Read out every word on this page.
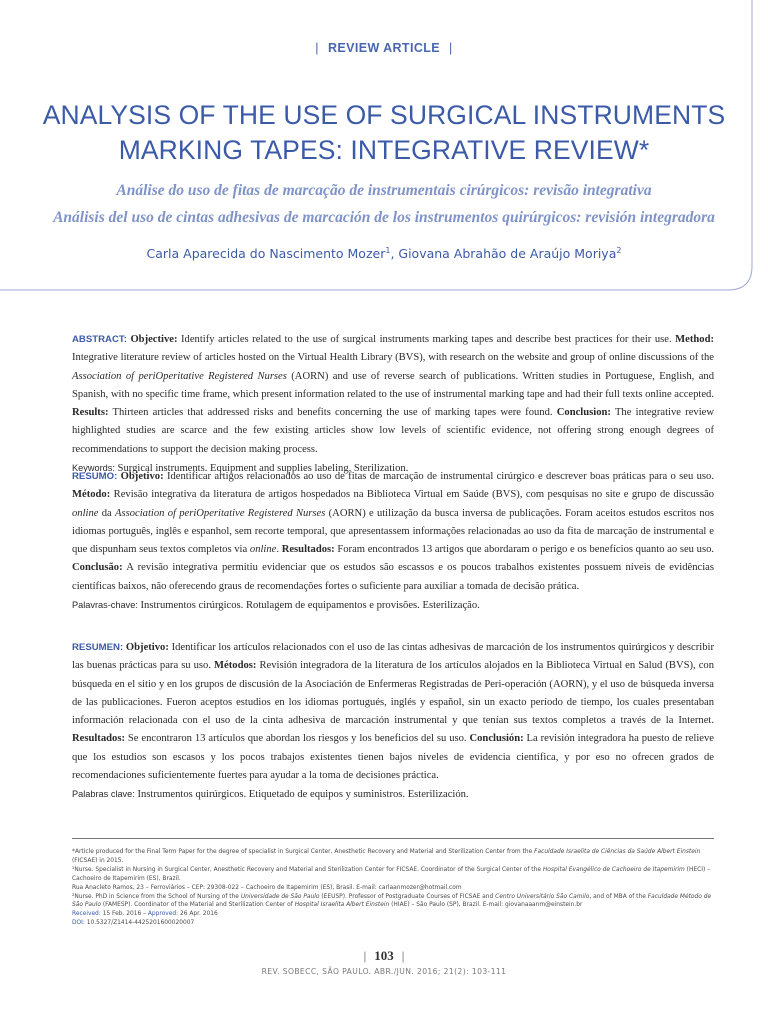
| REVIEW ARTICLE |
ANALYSIS OF THE USE OF SURGICAL INSTRUMENTS
MARKING TAPES: INTEGRATIVE REVIEW*
Análise do uso de fitas de marcação de instrumentais cirúrgicos: revisão integrativa
Análisis del uso de cintas adhesivas de marcación de los instrumentos quirúrgicos: revisión integradora
Carla Aparecida do Nascimento Mozer$^1$, Giovana Abrahão de Araújo Moriya$^2$
ABSTRACT: Objective: Identify articles related to the use of surgical instruments marking tapes and describe best practices for their use. Method: Integrative literature review of articles hosted on the Virtual Health Library (BVS), with research on the website and group of online discussions of the Association of periOperitative Registered Nurses (AORN) and use of reverse search of publications. Written studies in Portuguese, English, and Spanish, with no specific time frame, which present information related to the use of instrumental marking tape and had their full texts online accepted. Results: Thirteen articles that addressed risks and benefits concerning the use of marking tapes were found. Conclusion: The integrative review highlighted studies are scarce and the few existing articles show low levels of scientific evidence, not offering strong enough degrees of recommendations to support the decision making process.
Keywords: Surgical instruments. Equipment and supplies labeling. Sterilization.
RESUMO: Objetivo: Identificar artigos relacionados ao uso de fitas de marcação de instrumental cirúrgico e descrever boas práticas para o seu uso. Método: Revisão integrativa da literatura de artigos hospedados na Biblioteca Virtual em Saúde (BVS), com pesquisas no site e grupo de discussão online da Association of periOperitative Registered Nurses (AORN) e utilização da busca inversa de publicações. Foram aceitos estudos escritos nos idiomas português, inglês e espanhol, sem recorte temporal, que apresentassem informações relacionadas ao uso da fita de marcação de instrumental e que dispunham seus textos completos via online. Resultados: Foram encontrados 13 artigos que abordaram o perigo e os benefícios quanto ao seu uso. Conclusão: A revisão integrativa permitiu evidenciar que os estudos são escassos e os poucos trabalhos existentes possuem níveis de evidências científicas baixos, não oferecendo graus de recomendações fortes o suficiente para auxiliar a tomada de decisão prática.
Palavras-chave: Instrumentos cirúrgicos. Rotulagem de equipamentos e provisões. Esterilização.
RESUMEN: Objetivo: Identificar los artículos relacionados con el uso de las cintas adhesivas de marcación de los instrumentos quirúrgicos y describir las buenas prácticas para su uso. Métodos: Revisión integradora de la literatura de los artículos alojados en la Biblioteca Virtual en Salud (BVS), con búsqueda en el sitio y en los grupos de discusión de la Asociación de Enfermeras Registradas de Peri-operación (AORN), y el uso de búsqueda inversa de las publicaciones. Fueron aceptos estudios en los idiomas portugués, inglés y español, sin un exacto período de tiempo, los cuales presentaban información relacionada con el uso de la cinta adhesiva de marcación instrumental y que tenían sus textos completos a través de la Internet. Resultados: Se encontraron 13 artículos que abordan los riesgos y los beneficios del su uso. Conclusión: La revisión integradora ha puesto de relieve que los estudios son escasos y los pocos trabajos existentes tienen bajos niveles de evidencia científica, y por eso no ofrecen grados de recomendaciones suficientemente fuertes para ayudar a la toma de decisiones práctica.
Palabras clave: Instrumentos quirúrgicos. Etiquetado de equipos y suministros. Esterilización.

*Article produced for the Final Term Paper for the degree of specialist in Surgical Center, Anesthetic Recovery and Material and Sterilization Center from the Faculdade Israelita de Ciências da Saúde Albert Einstein (FICSAE) in 2015.

¹Nurse. Specialist in Nursing in Surgical Center, Anesthetic Recovery and Material and Sterilization Center for FICSAE. Coordinator of the Surgical Center of the Hospital Evangélico de Cachoeiro de Itapemirim (HECI) – Cachoeiro de Itapemirim (ES), Brazil.

Rua Anacleto Ramos, 23 – Ferroviários – CEP: 29308-022 – Cachoeiro de Itapemirim (ES), Brasil. E-mail: carlaanmozer@hotmail.com

²Nurse. PhD in Science from the School of Nursing of the Universidade de São Paulo (EEUSP). Professor of Postgraduate Courses of FICSAE and Centro Universitário São Camilo, and of MBA of the Faculdade Método de São Paulo (FAMESP). Coordinator of the Material and Sterilization Center of Hospital Israelita Albert Einstein (HIAE) – São Paulo (SP), Brazil. E-mail: giovanaaanm@einstein.br

Received: 15 Feb. 2016 – Approved: 26 Apr. 2016

DOI: 10.5327/Z1414-4425201600020007

| 103 |
REV. SOBECC, SÃO PAULO. ABR./JUN. 2016; 21(2): 103-111
